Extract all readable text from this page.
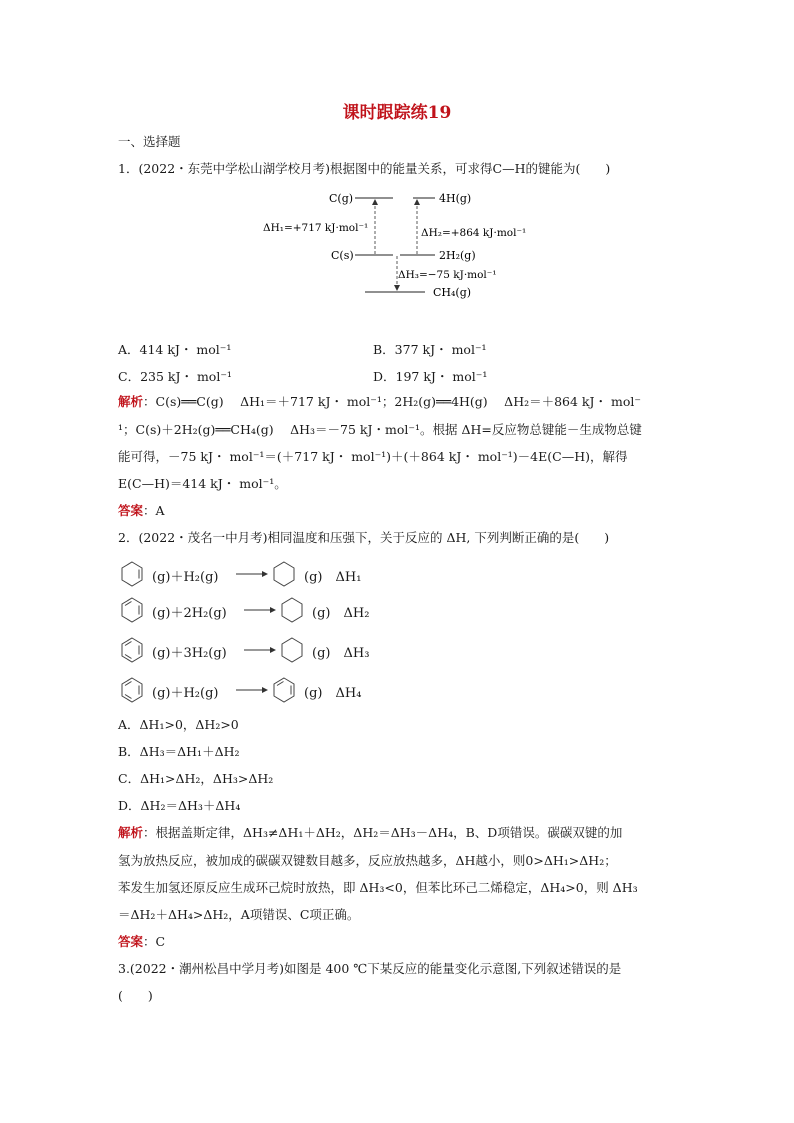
课时跟踪练19
一、选择题
1．(2022・东莞中学松山湖学校月考)根据图中的能量关系，可求得C—H的键能为(　　)
C(g)	4H(g)
ΔH₁=+717 kJ·mol⁻¹	ΔH₂=+864 kJ·mol⁻¹
C(s)	2H₂(g)
ΔH₃=−75 kJ·mol⁻¹
CH₄(g)
A．414 kJ・ mol⁻¹	B．377 kJ・ mol⁻¹
C．235 kJ・ mol⁻¹	D．197 kJ・ mol⁻¹
解析：C(s)══C(g)　 ΔH₁＝＋717 kJ・ mol⁻¹；2H₂(g)══4H(g)　 ΔH₂＝＋864 kJ・ mol⁻
¹；C(s)＋2H₂(g)══CH₄(g)　 ΔH₃＝－75 kJ・mol⁻¹。根据 ΔH=反应物总键能－生成物总键
能可得，－75 kJ・ mol⁻¹＝(＋717 kJ・ mol⁻¹)＋(＋864 kJ・ mol⁻¹)－4E(C—H)，解得
E(C—H)＝414 kJ・ mol⁻¹。
答案：A
2．(2022・茂名一中月考)相同温度和压强下，关于反应的 ΔH, 下列判断正确的是(　　)
(g)＋H₂(g)	(g)　ΔH₁
(g)＋2H₂(g)	(g)　ΔH₂
(g)＋3H₂(g)	(g)　ΔH₃
(g)＋H₂(g)	(g)　ΔH₄
A．ΔH₁>0，ΔH₂>0
B．ΔH₃＝ΔH₁＋ΔH₂
C．ΔH₁>ΔH₂，ΔH₃>ΔH₂
D．ΔH₂＝ΔH₃＋ΔH₄
解析：根据盖斯定律，ΔH₃≠ΔH₁＋ΔH₂，ΔH₂＝ΔH₃－ΔH₄，B、D项错误。碳碳双键的加
氢为放热反应，被加成的碳碳双键数目越多，反应放热越多，ΔH越小，则0>ΔH₁>ΔH₂；
苯发生加氢还原反应生成环己烷时放热，即 ΔH₃<0，但苯比环己二烯稳定，ΔH₄>0，则 ΔH₃
＝ΔH₂＋ΔH₄>ΔH₂，A项错误、C项正确。
答案：C
3.(2022・潮州松昌中学月考)如图是 400 ℃下某反应的能量变化示意图,下列叙述错误的是
(　　)
